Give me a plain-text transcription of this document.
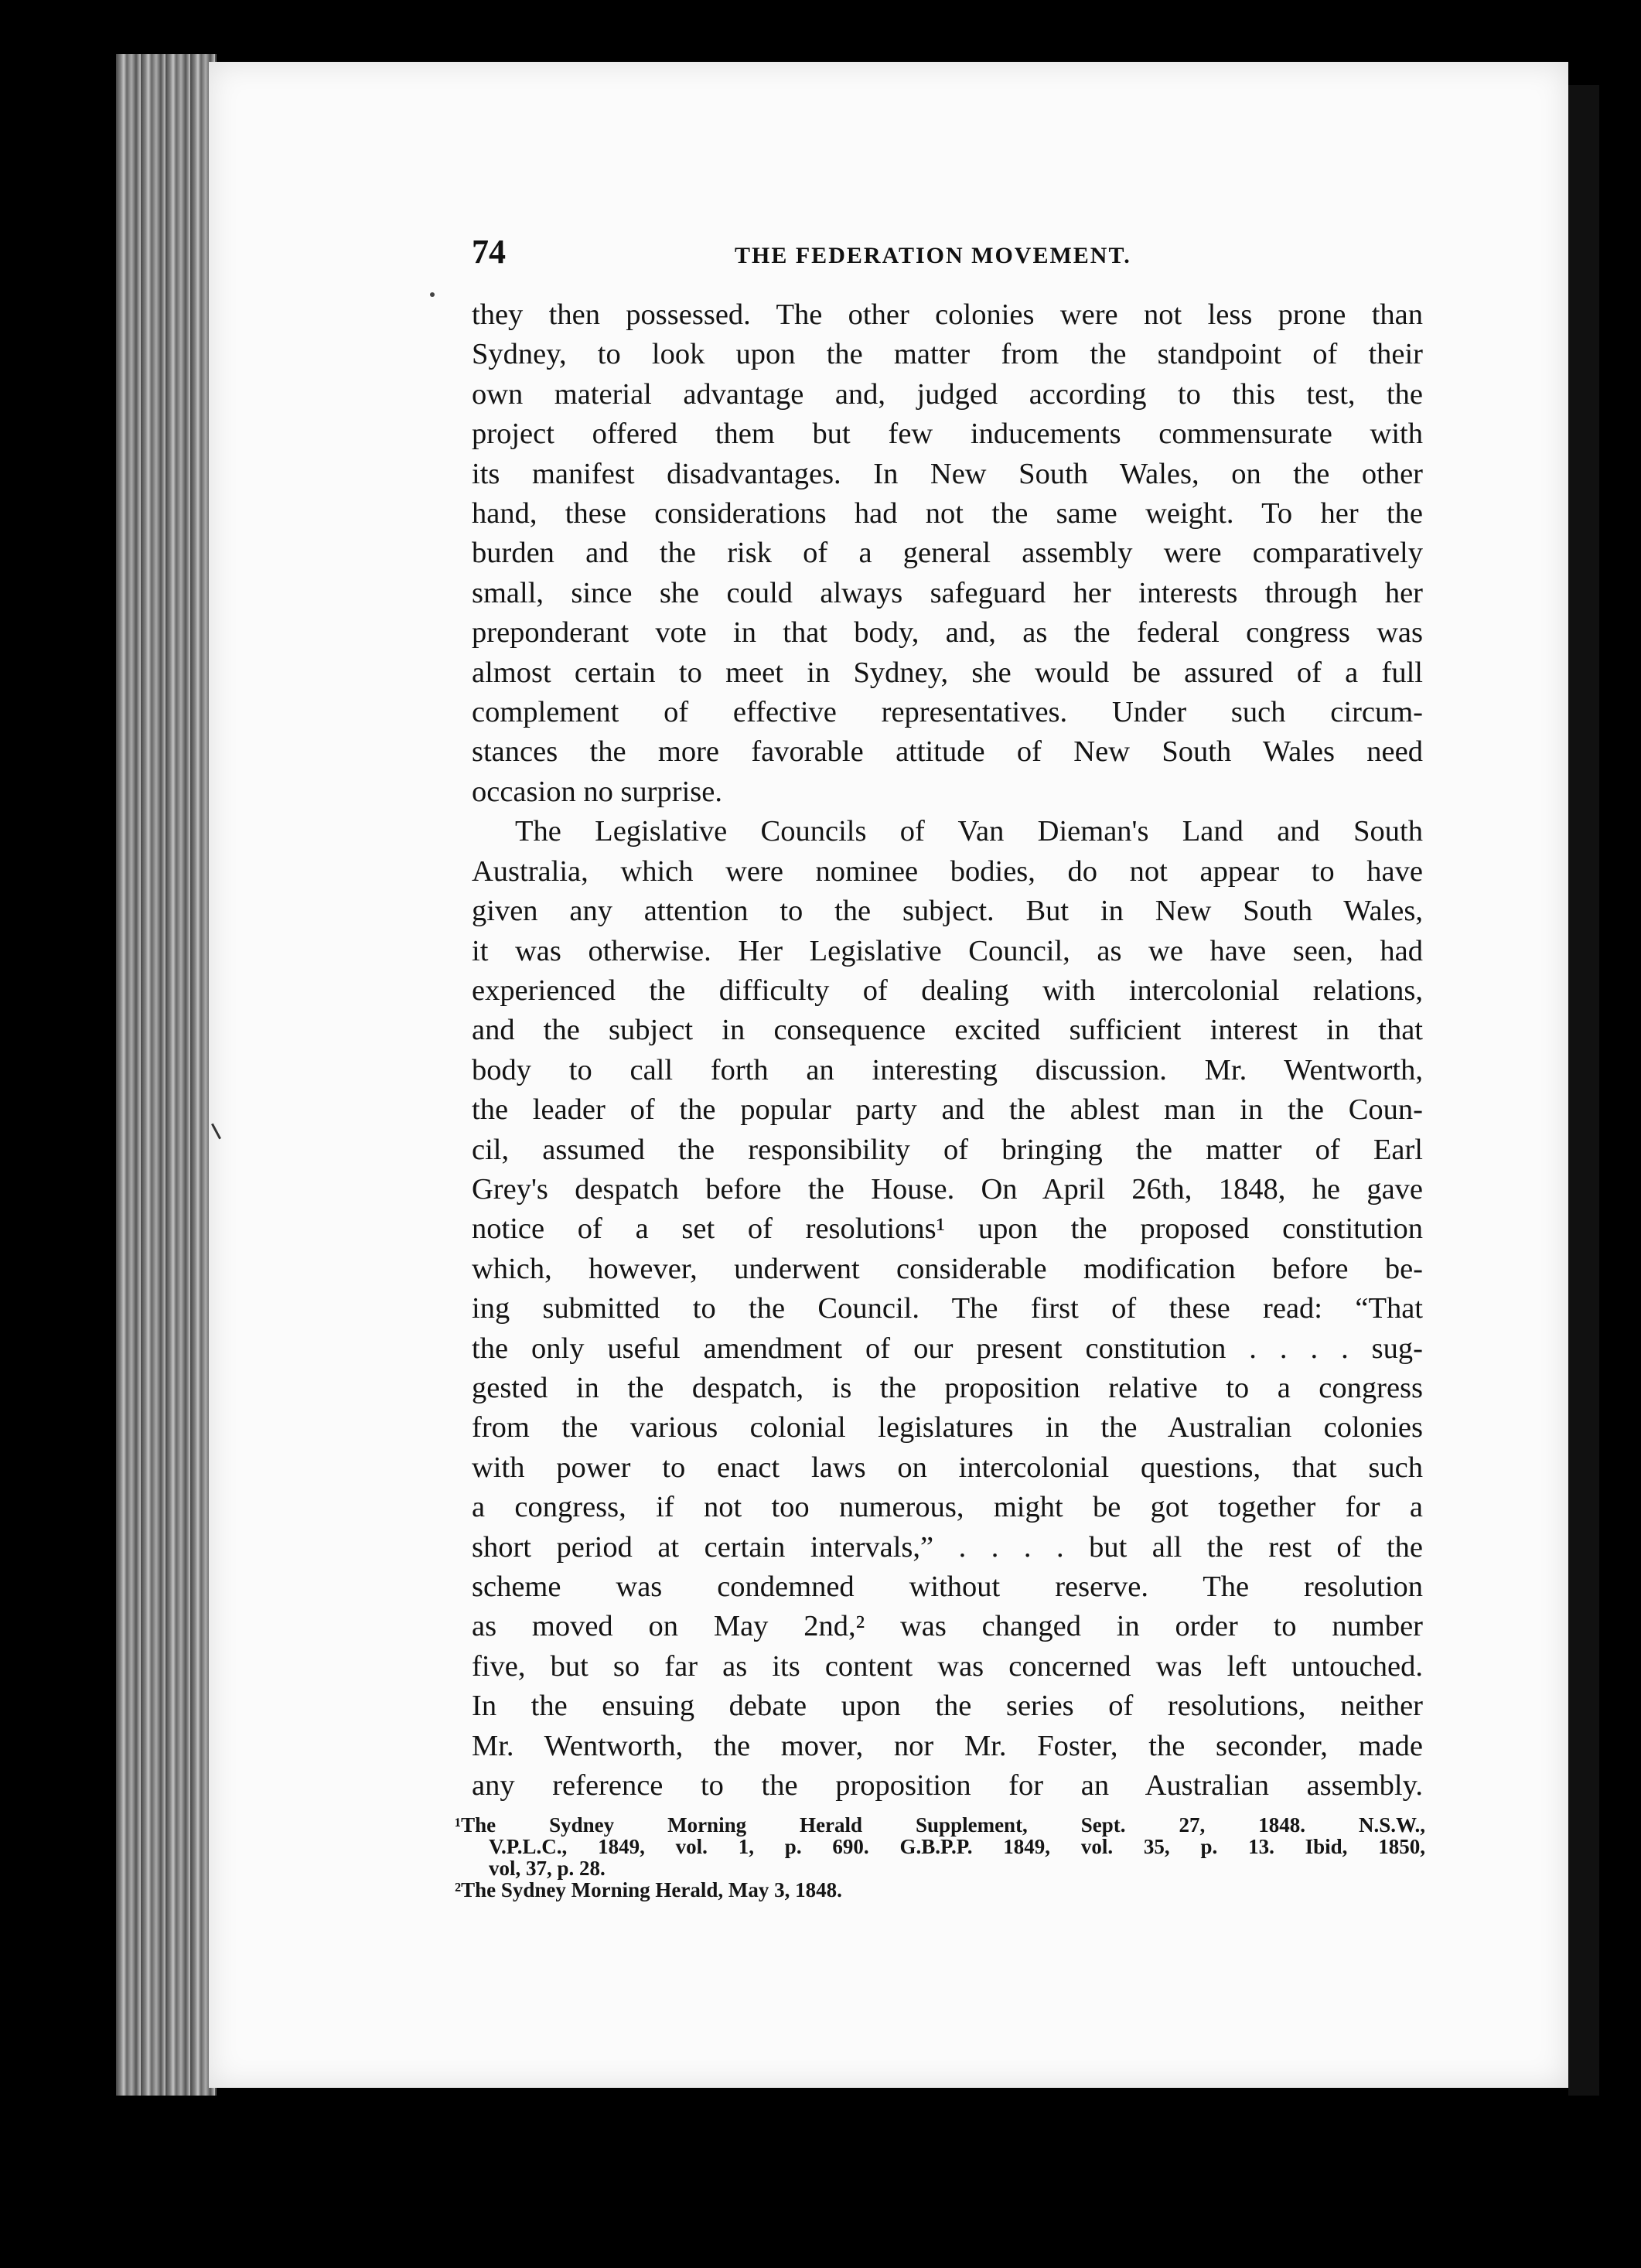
74	THE FEDERATION MOVEMENT.
they then possessed. The other colonies were not less prone than
Sydney, to look upon the matter from the standpoint of their
own material advantage and, judged according to this test, the
project offered them but few inducements commensurate with
its manifest disadvantages. In New South Wales, on the other
hand, these considerations had not the same weight. To her the
burden and the risk of a general assembly were comparatively
small, since she could always safeguard her interests through her
preponderant vote in that body, and, as the federal congress was
almost certain to meet in Sydney, she would be assured of a full
complement of effective representatives. Under such circum-
stances the more favorable attitude of New South Wales need
occasion no surprise.
The Legislative Councils of Van Dieman's Land and South
Australia, which were nominee bodies, do not appear to have
given any attention to the subject. But in New South Wales,
it was otherwise. Her Legislative Council, as we have seen, had
experienced the difficulty of dealing with intercolonial relations,
and the subject in consequence excited sufficient interest in that
body to call forth an interesting discussion. Mr. Wentworth,
the leader of the popular party and the ablest man in the Coun-
cil, assumed the responsibility of bringing the matter of Earl
Grey's despatch before the House. On April 26th, 1848, he gave
notice of a set of resolutions¹ upon the proposed constitution
which, however, underwent considerable modification before be-
ing submitted to the Council. The first of these read: “That
the only useful amendment of our present constitution . . . . sug-
gested in the despatch, is the proposition relative to a congress
from the various colonial legislatures in the Australian colonies
with power to enact laws on intercolonial questions, that such
a congress, if not too numerous, might be got together for a
short period at certain intervals,” . . . . but all the rest of the
scheme was condemned without reserve. The resolution
as moved on May 2nd,² was changed in order to number
five, but so far as its content was concerned was left untouched.
In the ensuing debate upon the series of resolutions, neither
Mr. Wentworth, the mover, nor Mr. Foster, the seconder, made
any reference to the proposition for an Australian assembly.
¹The Sydney Morning Herald Supplement, Sept. 27, 1848. N.S.W.,
V.P.L.C., 1849, vol. 1, p. 690. G.B.P.P. 1849, vol. 35, p. 13. Ibid, 1850,
vol, 37, p. 28.
²The Sydney Morning Herald, May 3, 1848.
